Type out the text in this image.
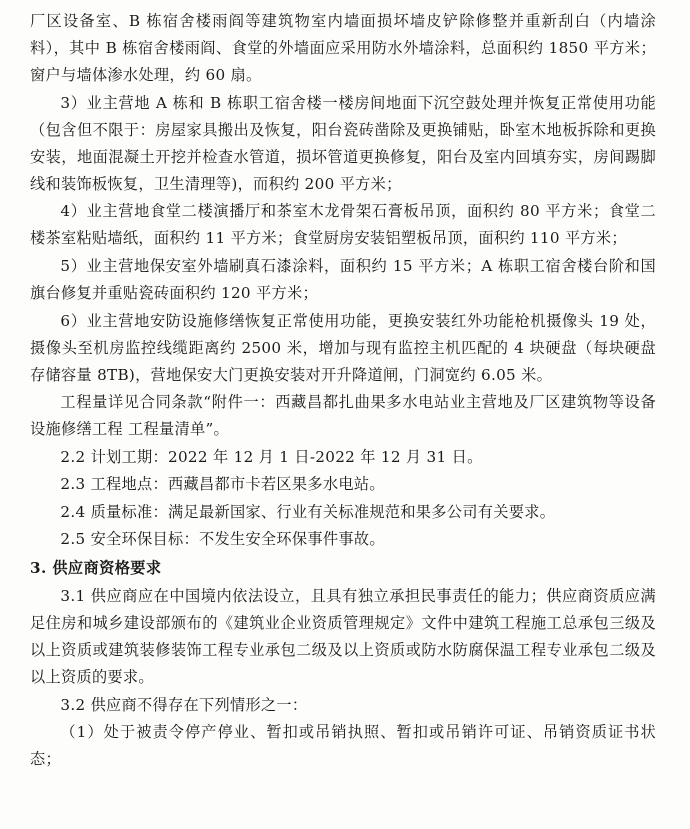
厂区设备室、B 栋宿舍楼雨阎等建筑物室内墙面损坏墙皮铲除修整并重新刮白（内墙涂料），其中 B 栋宿舍楼雨阎、食堂的外墙面应采用防水外墙涂料，总面积约 1850 平方米；窗户与墙体渗水处理，约 60 扇。

3）业主营地 A 栋和 B 栋职工宿舍楼一楼房间地面下沉空鼓处理并恢复正常使用功能（包含但不限于：房屋家具搬出及恢复，阳台瓷砖凿除及更换铺贴，卧室木地板拆除和更换安装，地面混凝土开挖并检查水管道，损坏管道更换修复，阳台及室内回填夯实，房间踢脚线和装饰板恢复，卫生清理等)，而积约 200 平方米；

4）业主营地食堂二楼演播厅和茶室木龙骨架石膏板吊顶，面积约 80 平方米；食堂二楼茶室粘贴墙纸，面积约 11 平方米；食堂厨房安装铝塑板吊顶，面积约 110 平方米；

5）业主营地保安室外墙刷真石漆涂料，面积约 15 平方米；A 栋职工宿舍楼台阶和国旗台修复并重贴瓷砖面积约 120 平方米；

6）业主营地安防设施修缮恢复正常使用功能，更换安装红外功能枪机摄像头 19 处，摄像头至机房监控线缆距离约 2500 米，增加与现有监控主机匹配的 4 块硬盘（每块硬盘存储容量 8TB)，营地保安大门更换安装对开升降道闸，门洞宽约 6.05 米。

工程量详见合同条款“附件一：西藏昌都扎曲果多水电站业主营地及厂区建筑物等设备设施修缮工程 工程量清单”。

2.2 计划工期：2022 年 12 月 1 日-2022 年 12 月 31 日。

2.3 工程地点：西藏昌都市卡若区果多水电站。

2.4 质量标准：满足最新国家、行业有关标准规范和果多公司有关要求。

2.5 安全环保目标：不发生安全环保事件事故。

3. 供应商资格要求

3.1 供应商应在中国境内依法设立，且具有独立承担民事责任的能力；供应商资质应满足住房和城乡建设部颁布的《建筑业企业资质管理规定》文件中建筑工程施工总承包三级及以上资质或建筑装修装饰工程专业承包二级及以上资质或防水防腐保温工程专业承包二级及以上资质的要求。

3.2 供应商不得存在下列情形之一：

（1）处于被责令停产停业、暂扣或吊销执照、暂扣或吊销许可证、吊销资质证书状态；
